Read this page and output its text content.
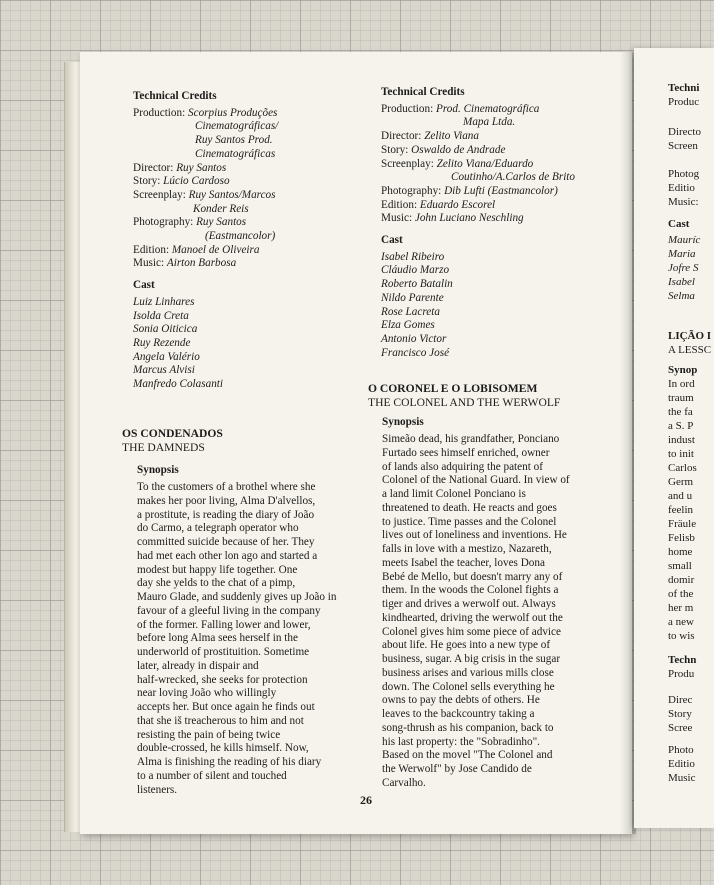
Techni
Produc
Directo
Screen
Photog
Editio
Music:
Cast
Mauríc
Maria
Jofre S
Isabel
Selma
LIÇÃO I
A LESSC
Synop
In ord
traum
the fa
a S. P
indust
to init
Carlos
Germ
and u
feelin
Fräule
Felisb
home
small
domir
of the
her m
a new
to wis
Techn
Produ
Direc
Story
Scree
Photo
Editio
Music
Technical Credits
Production: Scorpius Produções
Cinematográficas/
Ruy Santos Prod.
Cinematográficas
Director: Ruy Santos
Story: Lúcio Cardoso
Screenplay: Ruy Santos/Marcos
Konder Reis
Photography: Ruy Santos
(Eastmancolor)
Edition: Manoel de Oliveira
Music: Airton Barbosa
Cast
Luiz Linhares
Isolda Creta
Sonia Oiticica
Ruy Rezende
Angela Valério
Marcus Alvisi
Manfredo Colasanti
OS CONDENADOS
THE DAMNEDS
Synopsis
To the customers of a brothel where she
makes her poor living, Alma D'alvellos,
a prostitute, is reading the diary of João
do Carmo, a telegraph operator who
committed suicide because of her. They
had met each other lon ago and started a
modest but happy life together. One
day she yelds to the chat of a pimp,
Mauro Glade, and suddenly gives up João in
favour of a gleeful living in the company
of the former. Falling lower and lower,
before long Alma sees herself in the
underworld of prostituition. Sometime
later, already in dispair and
half-wrecked, she seeks for protection
near loving João who willingly
accepts her. But once again he finds out
that she iš treacherous to him and not
resisting the pain of being twice
double-crossed, he kills himself. Now,
Alma is finishing the reading of his diary
to a number of silent and touched
listeners.
Technical Credits
Production: Prod. Cinematográfica
Mapa Ltda.
Director: Zelito Viana
Story: Oswaldo de Andrade
Screenplay: Zelito Viana/Eduardo
Coutinho/A.Carlos de Brito
Photography: Dib Lufti (Eastmancolor)
Edition: Eduardo Escorel
Music: John Luciano Neschling
Cast
Isabel Ribeiro
Cláudio Marzo
Roberto Batalin
Nildo Parente
Rose Lacreta
Elza Gomes
Antonio Victor
Francisco José
O CORONEL E O LOBISOMEM
THE COLONEL AND THE WERWOLF
Synopsis
Simeão dead, his grandfather, Ponciano
Furtado sees himself enriched, owner
of lands also adquiring the patent of
Colonel of the National Guard. In view of
a land limit Colonel Ponciano is
threatened to death. He reacts and goes
to justice. Time passes and the Colonel
lives out of loneliness and inventions. He
falls in love with a mestizo, Nazareth,
meets Isabel the teacher, loves Dona
Bebé de Mello, but doesn't marry any of
them. In the woods the Colonel fights a
tiger and drives a werwolf out. Always
kindhearted, driving the werwolf out the
Colonel gives him some piece of advice
about life. He goes into a new type of
business, sugar. A big crisis in the sugar
business arises and various mills close
down. The Colonel sells everything he
owns to pay the debts of others. He
leaves to the backcountry taking a
song-thrush as his companion, back to
his last property: the "Sobradinho".
Based on the movel "The Colonel and
the Werwolf" by Jose Candido de
Carvalho.
26
